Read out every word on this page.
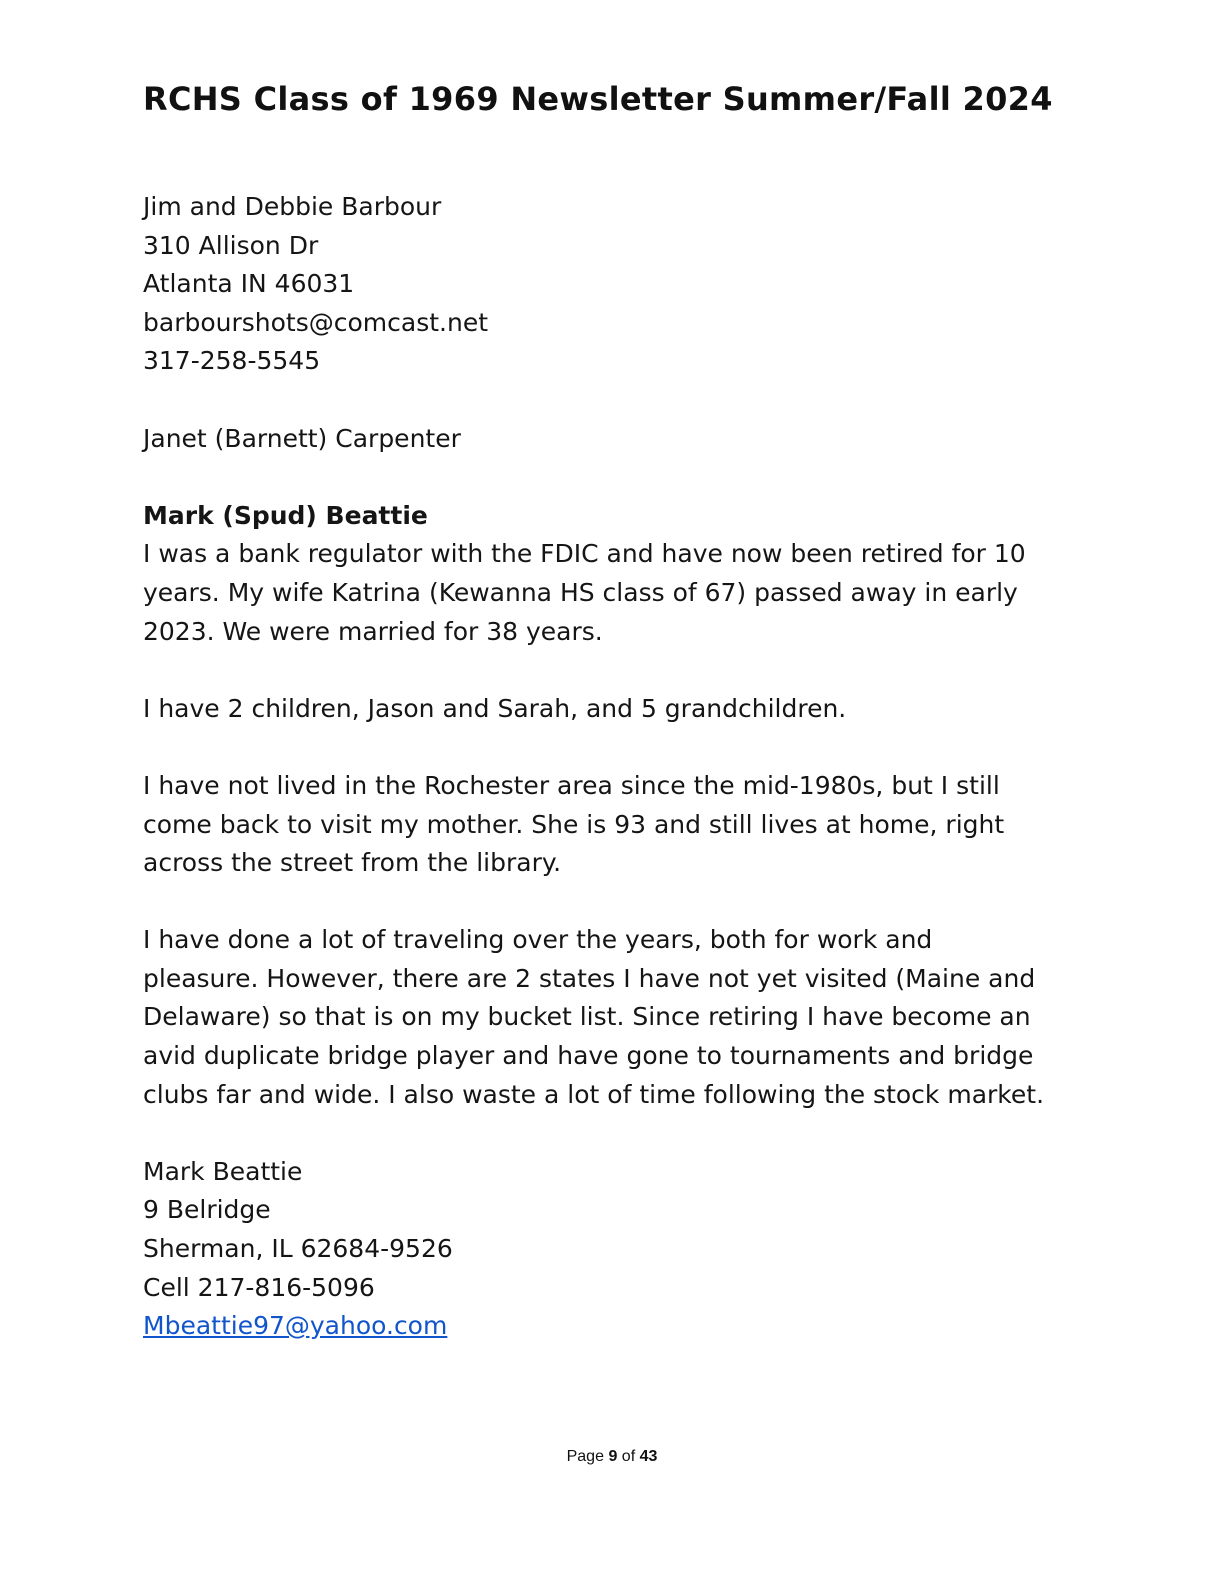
RCHS Class of 1969 Newsletter Summer/Fall 2024
Jim and Debbie Barbour
310 Allison Dr
Atlanta IN 46031
barbourshots@comcast.net
317-258-5545
Janet (Barnett) Carpenter
Mark (Spud) Beattie
I was a bank regulator with the FDIC and have now been retired for 10
years. My wife Katrina (Kewanna HS class of 67) passed away in early
2023. We were married for 38 years.
I have 2 children, Jason and Sarah, and 5 grandchildren.
I have not lived in the Rochester area since the mid-1980s, but I still
come back to visit my mother. She is 93 and still lives at home, right
across the street from the library.
I have done a lot of traveling over the years, both for work and
pleasure. However, there are 2 states I have not yet visited (Maine and
Delaware) so that is on my bucket list. Since retiring I have become an
avid duplicate bridge player and have gone to tournaments and bridge
clubs far and wide. I also waste a lot of time following the stock market.
Mark Beattie
9 Belridge
Sherman, IL 62684-9526
Cell 217-816-5096
Mbeattie97@yahoo.com
Page 9 of 43
